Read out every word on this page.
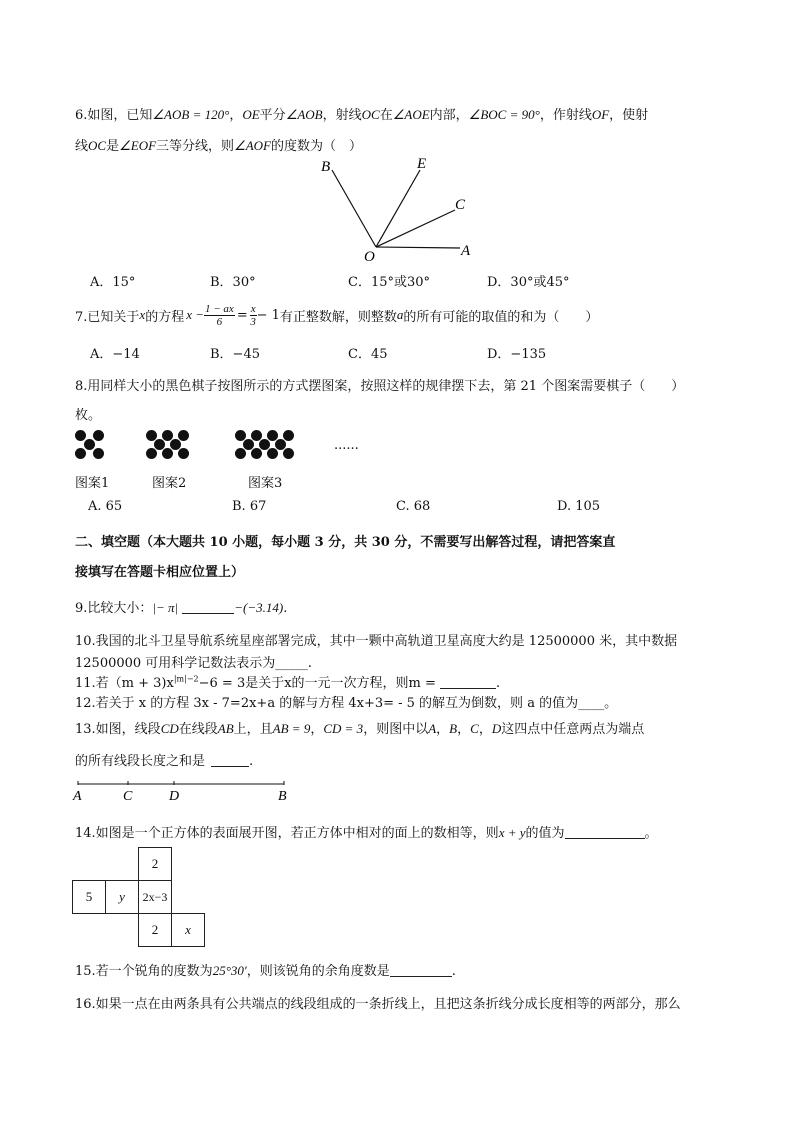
6.如图，已知∠AOB = 120°，OE平分∠AOB，射线OC在∠AOE内部，∠BOC = 90°，作射线OF，使射
线OC是∠EOF三等分线，则∠AOF的度数为（　）
B	E
C
O	A
A．15°	B．30°	C．15°或30°	D．30°或45°
7.已知关于 x 的方程 $x - \frac{1 - ax}{6} = \frac{x}{3} - 1$ 有正整数解，则整数 a 的所有可能的取值的和为（　　）
A．−14	B．−45	C．45	D．−135
8.用同样大小的黑色棋子按图所示的方式摆图案，按照这样的规律摆下去，第 21 个图案需要棋子（　　）
枚。
......
图案1	图案2	图案3
A. 65	B. 67	C. 68	D. 105
二、填空题（本大题共 10 小题，每小题 3 分，共 30 分，不需要写出解答过程，请把答案直
接填写在答题卡相应位置上）
9.比较大小：|− π|	−(−3.14).
10.我国的北斗卫星导航系统星座部署完成，其中一颗中高轨道卫星高度大约是 12500000 米，其中数据
12500000 可用科学记数法表示为_____.
11.若$(m + 3)x^{|m|-2}-6 = 3$是关于x的一元一次方程，则m =	.
12.若关于 x 的方程 3x - 7=2x+a 的解与方程 4x+3= - 5 的解互为倒数，则 a 的值为____。
13.如图，线段CD在线段AB上，且AB = 9，CD = 3，则图中以A，B，C，D这四点中任意两点为端点
的所有线段长度之和是	.
A	C	D	B
14.如图是一个正方体的表面展开图，若正方体中相对的面上的数相等，则x + y的值为	。
2
5	y	2x−3
2	x
15.若一个锐角的度数为25°30′，则该锐角的余角度数是	.
16.如果一点在由两条具有公共端点的线段组成的一条折线上，且把这条折线分成长度相等的两部分，那么
